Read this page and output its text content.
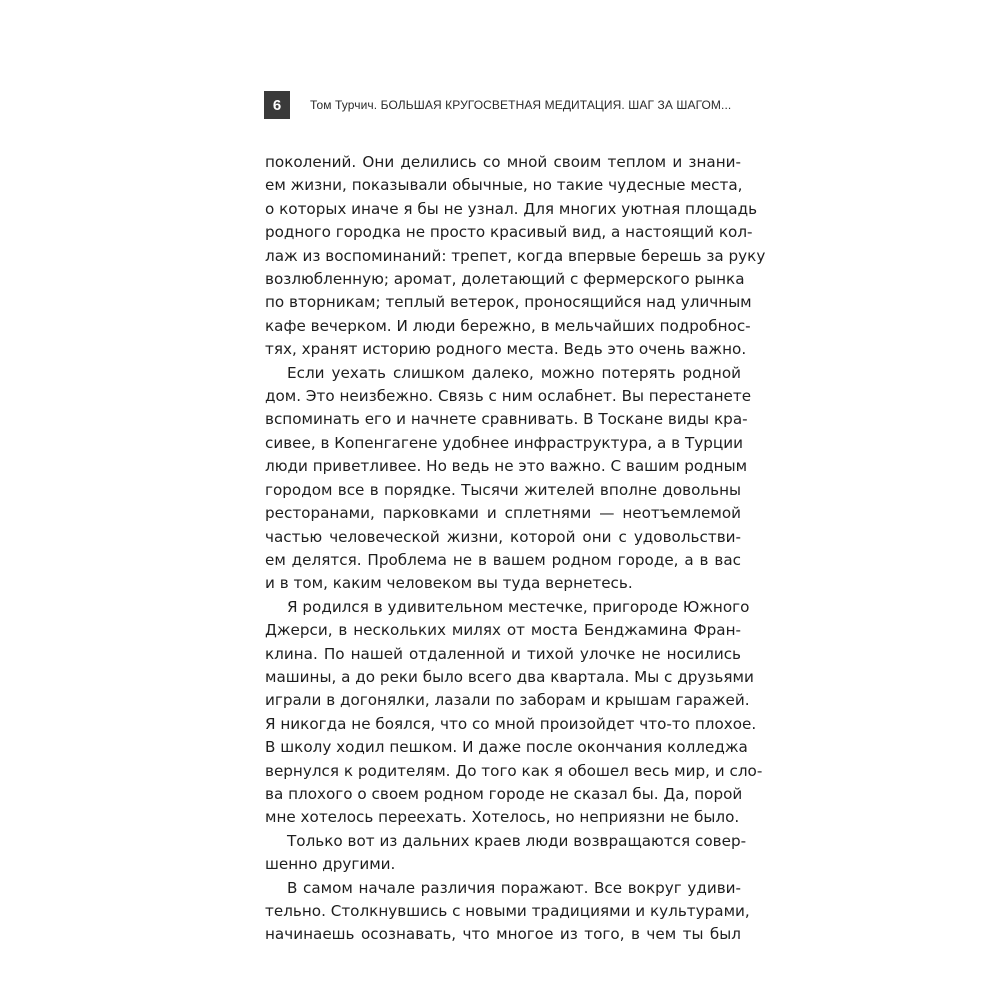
6	Том Турчич. БОЛЬШАЯ КРУГОСВЕТНАЯ МЕДИТАЦИЯ. ШАГ ЗА ШАГОМ...
поколений. Они делились со мной своим теплом и знани-
ем жизни, показывали обычные, но такие чудесные места,
о которых иначе я бы не узнал. Для многих уютная площадь
родного городка не просто красивый вид, а настоящий кол-
лаж из воспоминаний: трепет, когда впервые берешь за руку
возлюбленную; аромат, долетающий с фермерского рынка
по вторникам; теплый ветерок, проносящийся над уличным
кафе вечерком. И люди бережно, в мельчайших подробнос-
тях, хранят историю родного места. Ведь это очень важно.
Если уехать слишком далеко, можно потерять родной
дом. Это неизбежно. Связь с ним ослабнет. Вы перестанете
вспоминать его и начнете сравнивать. В Тоскане виды кра-
сивее, в Копенгагене удобнее инфраструктура, а в Турции
люди приветливее. Но ведь не это важно. С вашим родным
городом все в порядке. Тысячи жителей вполне довольны
ресторанами, парковками и сплетнями — неотъемлемой
частью человеческой жизни, которой они с удовольстви-
ем делятся. Проблема не в вашем родном городе, а в вас
и в том, каким человеком вы туда вернетесь.
Я родился в удивительном местечке, пригороде Южного
Джерси, в нескольких милях от моста Бенджамина Фран-
клина. По нашей отдаленной и тихой улочке не носились
машины, а до реки было всего два квартала. Мы с друзьями
играли в догонялки, лазали по заборам и крышам гаражей.
Я никогда не боялся, что со мной произойдет что-то плохое.
В школу ходил пешком. И даже после окончания колледжа
вернулся к родителям. До того как я обошел весь мир, и сло-
ва плохого о своем родном городе не сказал бы. Да, порой
мне хотелось переехать. Хотелось, но неприязни не было.
Только вот из дальних краев люди возвращаются совер-
шенно другими.
В самом начале различия поражают. Все вокруг удиви-
тельно. Столкнувшись с новыми традициями и культурами,
начинаешь осознавать, что многое из того, в чем ты был
